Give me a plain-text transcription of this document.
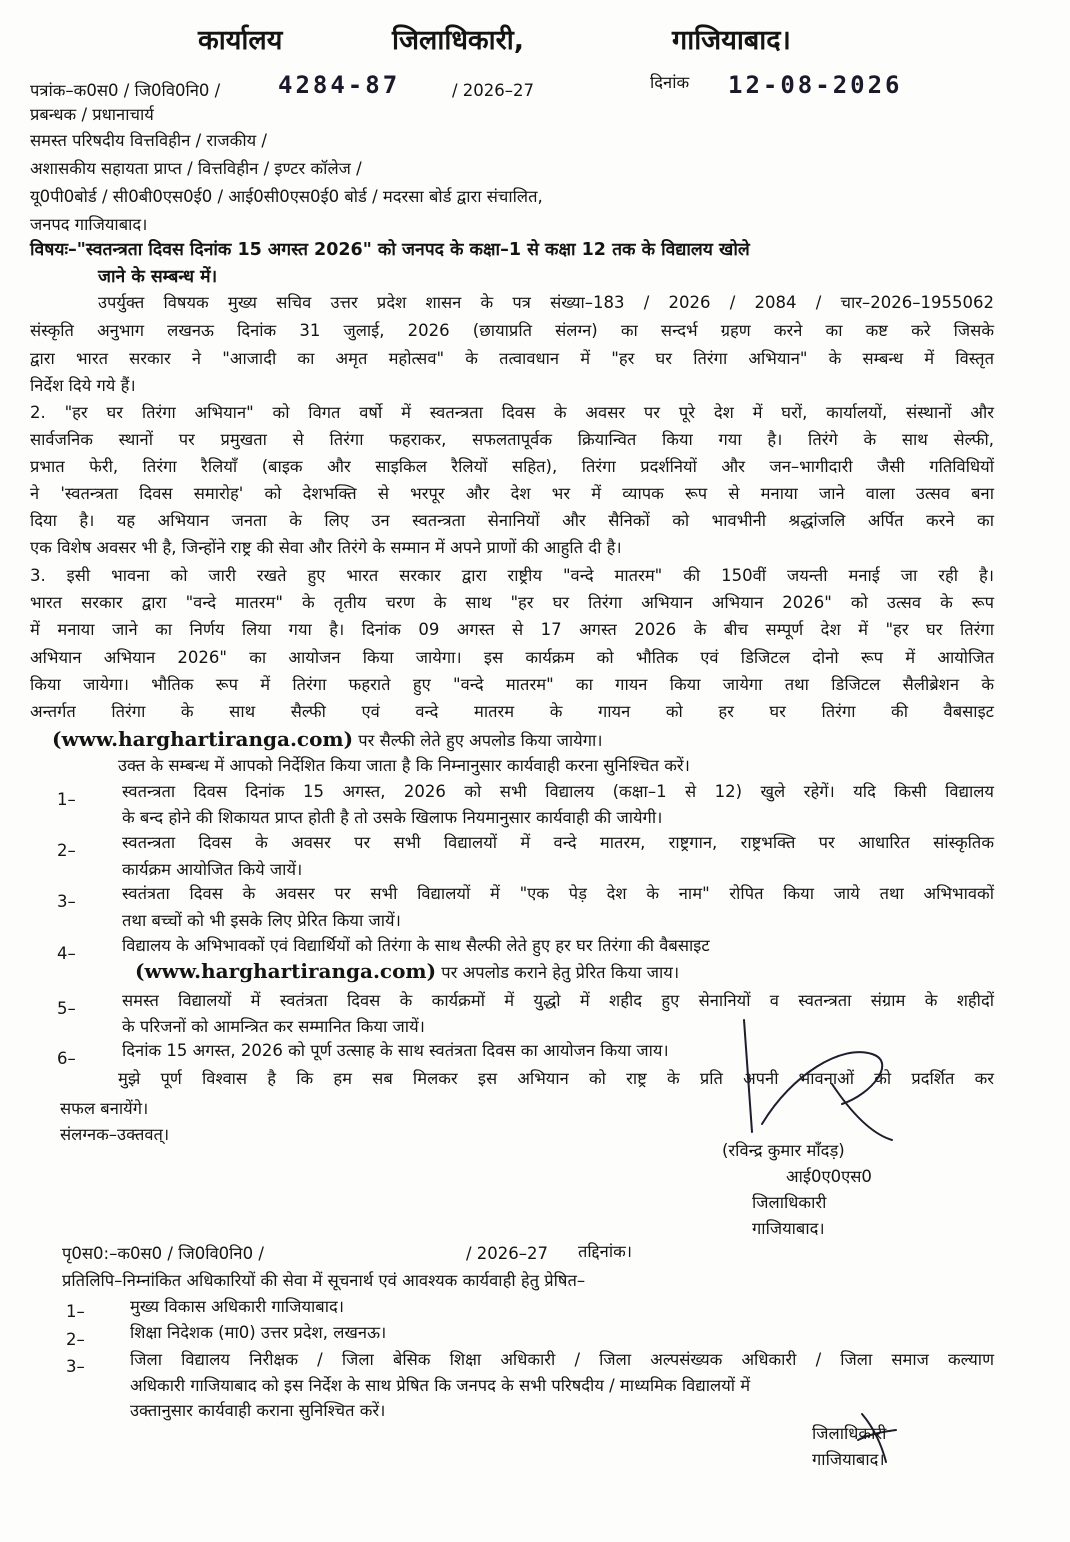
कार्यालय	जिलाधिकारी,	गाजियाबाद।
पत्रांक–क0स0 / जि0वि0नि0 / 4284-87	/ 2026–27	दिनांक 12-08-2026
प्रबन्धक / प्रधानाचार्य
समस्त परिषदीय वित्तविहीन / राजकीय /
अशासकीय सहायता प्राप्त / वित्तविहीन / इण्टर कॉलेज /
यू0पी0बोर्ड / सी0बी0एस0ई0 / आई0सी0एस0ई0 बोर्ड / मदरसा बोर्ड द्वारा संचालित,
जनपद गाजियाबाद।
विषयः–"स्वतन्त्रता दिवस दिनांक 15 अगस्त 2026" को जनपद के कक्षा–1 से कक्षा 12 तक के विद्यालय खोले
जाने के सम्बन्ध में।
उपर्युक्त विषयक मुख्य सचिव उत्तर प्रदेश शासन के पत्र संख्या–183 / 2026 / 2084 / चार–2026–1955062
संस्कृति अनुभाग लखनऊ दिनांक 31 जुलाई, 2026 (छायाप्रति संलग्न) का सन्दर्भ ग्रहण करने का कष्ट करे जिसके
द्वारा भारत सरकार ने "आजादी का अमृत महोत्सव" के तत्वावधान में "हर घर तिरंगा अभियान" के सम्बन्ध में विस्तृत
निर्देश दिये गये हैं।
2. "हर घर तिरंगा अभियान" को विगत वर्षो में स्वतन्त्रता दिवस के अवसर पर पूरे देश में घरों, कार्यालयों, संस्थानों और
सार्वजनिक स्थानों पर प्रमुखता से तिरंगा फहराकर, सफलतापूर्वक क्रियान्वित किया गया है। तिरंगे के साथ सेल्फी,
प्रभात फेरी, तिरंगा रैलियाँ (बाइक और साइकिल रैलियों सहित), तिरंगा प्रदर्शनियों और जन–भागीदारी जैसी गतिविधियों
ने 'स्वतन्त्रता दिवस समारोह' को देशभक्ति से भरपूर और देश भर में व्यापक रूप से मनाया जाने वाला उत्सव बना
दिया है। यह अभियान जनता के लिए उन स्वतन्त्रता सेनानियों और सैनिकों को भावभीनी श्रद्धांजलि अर्पित करने का
एक विशेष अवसर भी है, जिन्होंने राष्ट्र की सेवा और तिरंगे के सम्मान में अपने प्राणों की आहुति दी है।
3. इसी भावना को जारी रखते हुए भारत सरकार द्वारा राष्ट्रीय "वन्दे मातरम" की 150वीं जयन्ती मनाई जा रही है।
भारत सरकार द्वारा "वन्दे मातरम" के तृतीय चरण के साथ "हर घर तिरंगा अभियान अभियान 2026" को उत्सव के रूप
में मनाया जाने का निर्णय लिया गया है। दिनांक 09 अगस्त से 17 अगस्त 2026 के बीच सम्पूर्ण देश में "हर घर तिरंगा
अभियान अभियान 2026" का आयोजन किया जायेगा। इस कार्यक्रम को भौतिक एवं डिजिटल दोनो रूप में आयोजित
किया जायेगा। भौतिक रूप में तिरंगा फहराते हुए "वन्दे मातरम" का गायन किया जायेगा तथा डिजिटल सैलीब्रेशन के
अन्तर्गत तिरंगा के साथ सैल्फी एवं वन्दे मातरम के गायन को हर घर तिरंगा की वैबसाइट
(www.harghartiranga.com) पर सैल्फी लेते हुए अपलोड किया जायेगा।
उक्त के सम्बन्ध में आपको निर्देशित किया जाता है कि निम्नानुसार कार्यवाही करना सुनिश्चित करें।
1–	स्वतन्त्रता दिवस दिनांक 15 अगस्त, 2026 को सभी विद्यालय (कक्षा–1 से 12) खुले रहेगें। यदि किसी विद्यालय
के बन्द होने की शिकायत प्राप्त होती है तो उसके खिलाफ नियमानुसार कार्यवाही की जायेगी।
2–	स्वतन्त्रता दिवस के अवसर पर सभी विद्यालयों में वन्दे मातरम, राष्ट्रगान, राष्ट्रभक्ति पर आधारित सांस्कृतिक
कार्यक्रम आयोजित किये जायें।
3–	स्वतंत्रता दिवस के अवसर पर सभी विद्यालयों में "एक पेड़ देश के नाम" रोपित किया जाये तथा अभिभावकों
तथा बच्चों को भी इसके लिए प्रेरित किया जायें।
4–	विद्यालय के अभिभावकों एवं विद्यार्थियों को तिरंगा के साथ सैल्फी लेते हुए हर घर तिरंगा की वैबसाइट
(www.harghartiranga.com) पर अपलोड कराने हेतु प्रेरित किया जाय।
5–	समस्त विद्यालयों में स्वतंत्रता दिवस के कार्यक्रमों में युद्धो में शहीद हुए सेनानियों व स्वतन्त्रता संग्राम के शहीदों
के परिजनों को आमन्त्रित कर सम्मानित किया जायें।
6–	दिनांक 15 अगस्त, 2026 को पूर्ण उत्साह के साथ स्वतंत्रता दिवस का आयोजन किया जाय।
मुझे पूर्ण विश्वास है कि हम सब मिलकर इस अभियान को राष्ट्र के प्रति अपनी भावनाओं को प्रदर्शित कर
सफल बनायेंगे।
संलग्नक–उक्तवत्।
(रविन्द्र कुमार माँदड़)
आई0ए0एस0
जिलाधिकारी
गाजियाबाद।
पृ0स0:–क0स0 / जि0वि0नि0 /	/ 2026–27 तद्दिनांक।
प्रतिलिपि–निम्नांकित अधिकारियों की सेवा में सूचनार्थ एवं आवश्यक कार्यवाही हेतु प्रेषित–
1–	मुख्य विकास अधिकारी गाजियाबाद।
2–	शिक्षा निदेशक (मा0) उत्तर प्रदेश, लखनऊ।
3–	जिला विद्यालय निरीक्षक / जिला बेसिक शिक्षा अधिकारी / जिला अल्पसंख्यक अधिकारी / जिला समाज कल्याण
अधिकारी गाजियाबाद को इस निर्देश के साथ प्रेषित कि जनपद के सभी परिषदीय / माध्यमिक विद्यालयों में
उक्तानुसार कार्यवाही कराना सुनिश्चित करें।
जिलाधिकारी
गाजियाबाद।
